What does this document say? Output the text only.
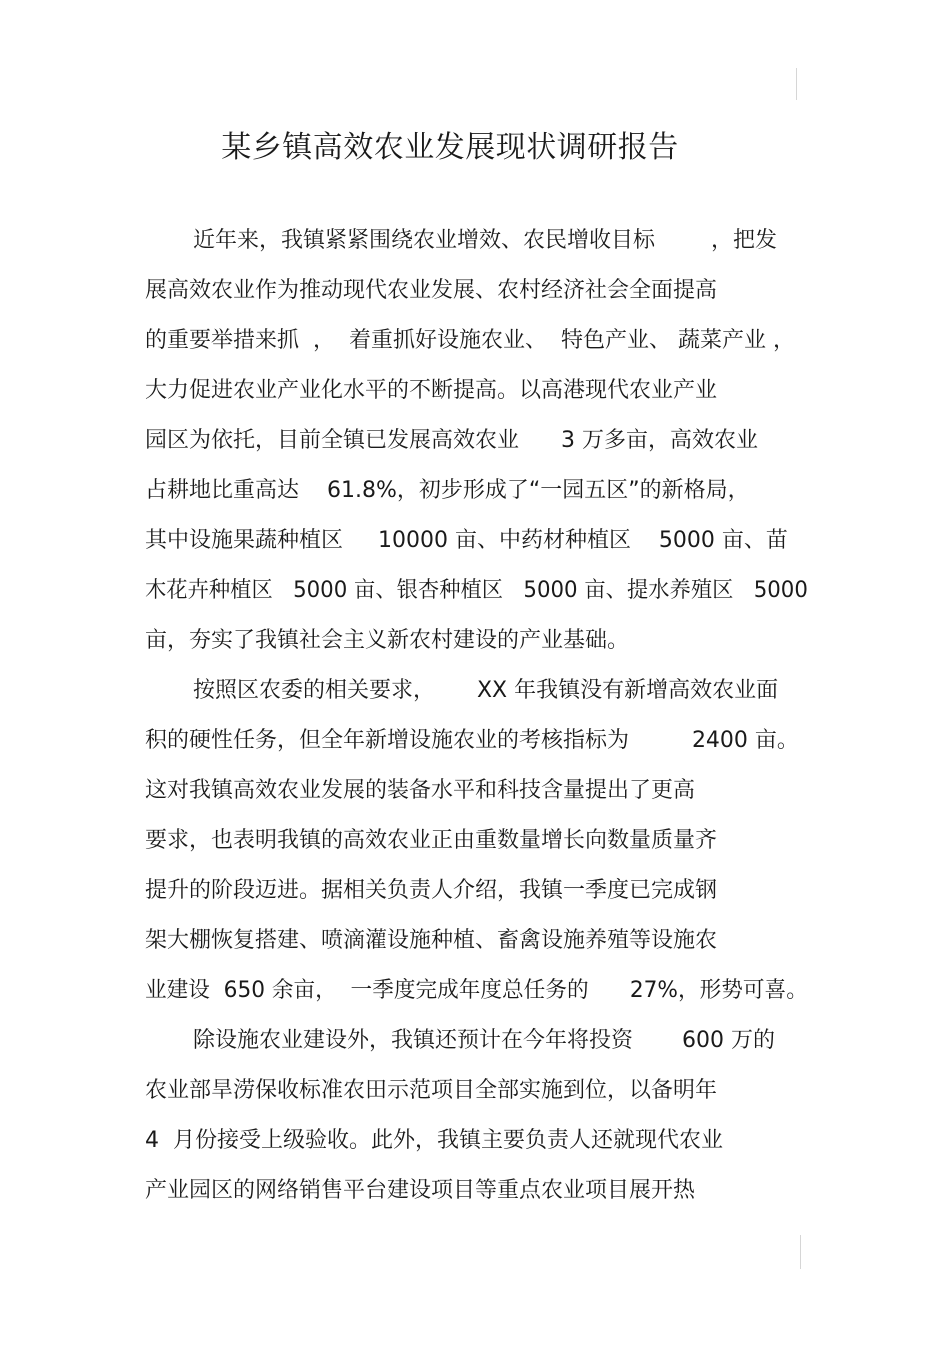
某乡镇高效农业发展现状调研报告

近年来，我镇紧紧围绕农业增效、农民增收目标        ，把发

展高效农业作为推动现代农业发展、农村经济社会全面提高

的重要举措来抓  ，  着重抓好设施农业、  特色产业、 蔬菜产业 ，

大力促进农业产业化水平的不断提高。以高港现代农业产业

园区为依托，目前全镇已发展高效农业      3 万多亩，高效农业

占耕地比重高达    61.8%，初步形成了“一园五区”的新格局，

其中设施果蔬种植区     10000 亩、中药材种植区    5000 亩、苗

木花卉种植区   5000 亩、银杏种植区   5000 亩、提水养殖区   5000

亩，夯实了我镇社会主义新农村建设的产业基础。

按照区农委的相关要求，      XX 年我镇没有新增高效农业面

积的硬性任务，但全年新增设施农业的考核指标为         2400 亩。

这对我镇高效农业发展的装备水平和科技含量提出了更高

要求，也表明我镇的高效农业正由重数量增长向数量质量齐

提升的阶段迈进。据相关负责人介绍，我镇一季度已完成钢

架大棚恢复搭建、喷滴灌设施种植、畜禽设施养殖等设施农

业建设  650 余亩，  一季度完成年度总任务的      27%，形势可喜。

除设施农业建设外，我镇还预计在今年将投资       600 万的

农业部旱涝保收标准农田示范项目全部实施到位，以备明年

4  月份接受上级验收。此外，我镇主要负责人还就现代农业

产业园区的网络销售平台建设项目等重点农业项目展开热
